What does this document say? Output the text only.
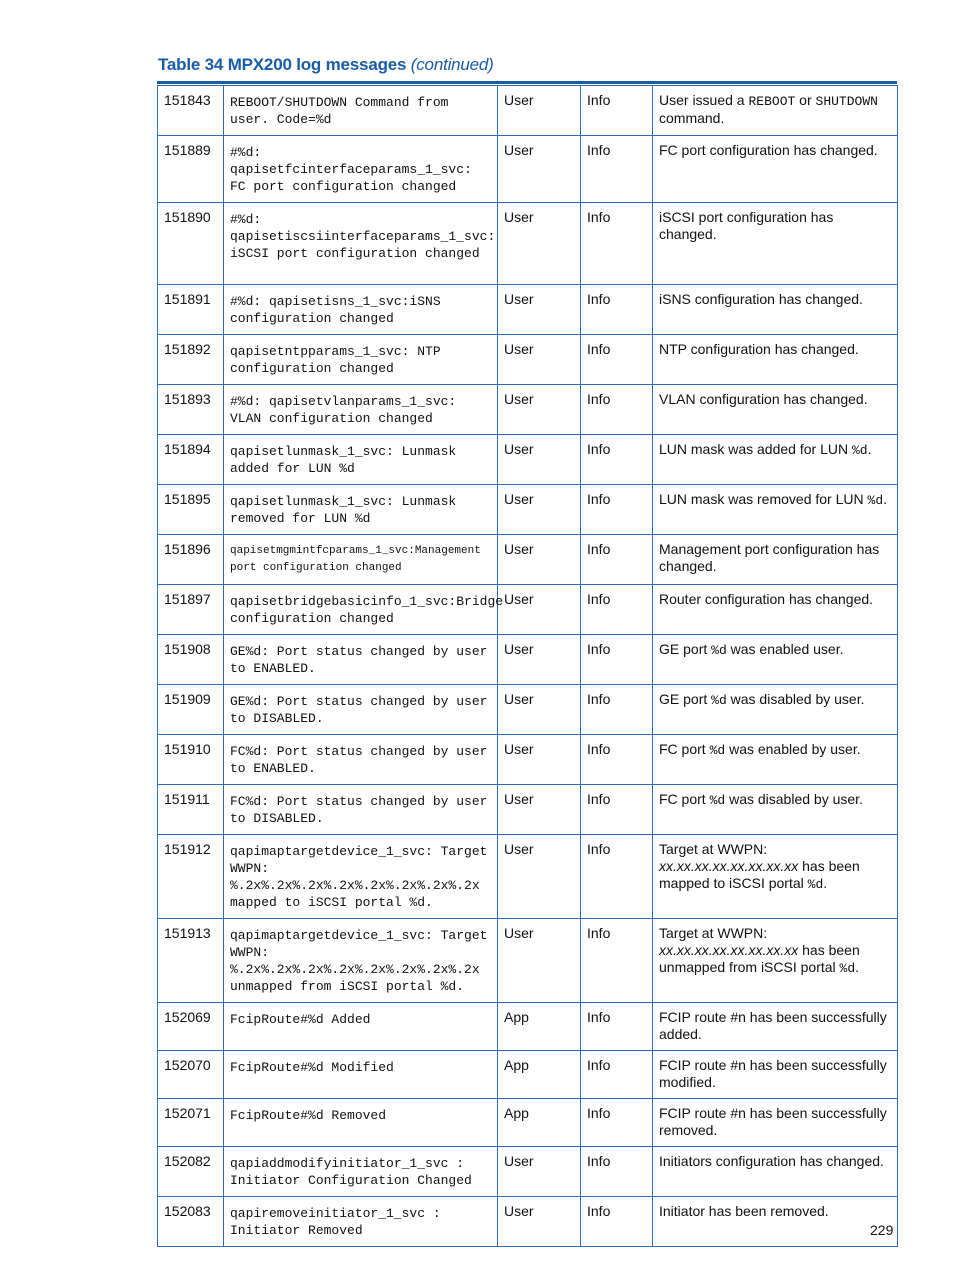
Table 34 MPX200 log messages (continued)
151843	REBOOT/SHUTDOWN Command from user. Code=%d	User	Info	User issued a REBOOT or SHUTDOWN command.
151889	#%d: qapisetfcinterfaceparams_1_svc: FC port configuration changed	User	Info	FC port configuration has changed.
151890	#%d: qapisetiscsiinterfaceparams_1_svc: iSCSI port configuration changed	User	Info	iSCSI port configuration has changed.
151891	#%d: qapisetisns_1_svc:iSNS configuration changed	User	Info	iSNS configuration has changed.
151892	qapisetntpparams_1_svc: NTP configuration changed	User	Info	NTP configuration has changed.
151893	#%d: qapisetvlanparams_1_svc: VLAN configuration changed	User	Info	VLAN configuration has changed.
151894	qapisetlunmask_1_svc: Lunmask added for LUN %d	User	Info	LUN mask was added for LUN %d.
151895	qapisetlunmask_1_svc: Lunmask removed for LUN %d	User	Info	LUN mask was removed for LUN %d.
151896	qapisetmgmintfcparams_1_svc:Management port configuration changed	User	Info	Management port configuration has changed.
151897	qapisetbridgebasicinfo_1_svc:Bridge configuration changed	User	Info	Router configuration has changed.
151908	GE%d: Port status changed by user to ENABLED.	User	Info	GE port %d was enabled user.
151909	GE%d: Port status changed by user to DISABLED.	User	Info	GE port %d was disabled by user.
151910	FC%d: Port status changed by user to ENABLED.	User	Info	FC port %d was enabled by user.
151911	FC%d: Port status changed by user to DISABLED.	User	Info	FC port %d was disabled by user.
151912	qapimaptargetdevice_1_svc: Target WWPN: %.2x%.2x%.2x%.2x%.2x%.2x%.2x%.2x mapped to iSCSI portal %d.	User	Info	Target at WWPN: xx.xx.xx.xx.xx.xx.xx.xx has been mapped to iSCSI portal %d.
151913	qapimaptargetdevice_1_svc: Target WWPN: %.2x%.2x%.2x%.2x%.2x%.2x%.2x%.2x unmapped from iSCSI portal %d.	User	Info	Target at WWPN: xx.xx.xx.xx.xx.xx.xx.xx has been unmapped from iSCSI portal %d.
152069	FcipRoute#%d Added	App	Info	FCIP route #n has been successfully added.
152070	FcipRoute#%d Modified	App	Info	FCIP route #n has been successfully modified.
152071	FcipRoute#%d Removed	App	Info	FCIP route #n has been successfully removed.
152082	qapiaddmodifyinitiator_1_svc : Initiator Configuration Changed	User	Info	Initiators configuration has changed.
152083	qapiremoveinitiator_1_svc : Initiator Removed	User	Info	Initiator has been removed.
229
